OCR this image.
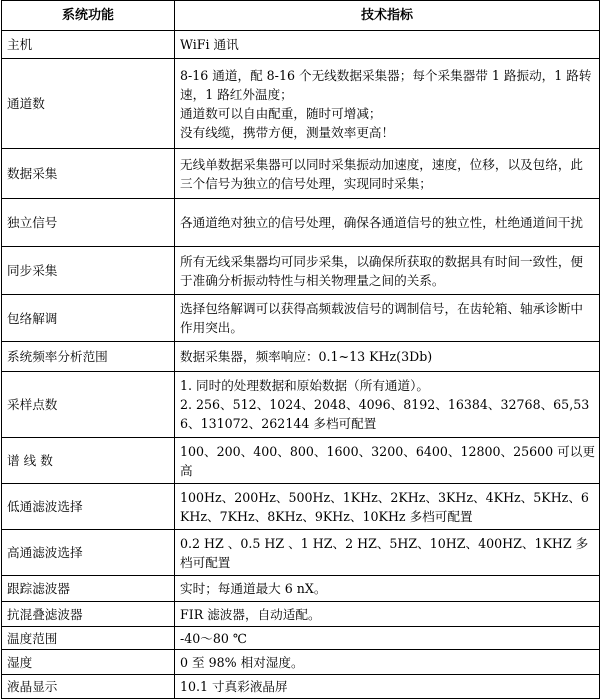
系统功能	技术指标
主机	WiFi 通讯

通道数	8-16 通道，配 8-16 个无线数据采集器；每个采集器带 1 路振动，1 路转速，1 路红外温度；
通道数可以自由配重，随时可增减；
没有线缆，携带方便，测量效率更高！

数据采集	无线单数据采集器可以同时采集振动加速度，速度，位移，以及包络，此三个信号为独立的信号处理，实现同时采集；

独立信号	各通道绝对独立的信号处理，确保各通道信号的独立性，杜绝通道间干扰

同步采集	所有无线采集器均可同步采集，以确保所获取的数据具有时间一致性，便于准确分析振动特性与相关物理量之间的关系。

包络解调	选择包络解调可以获得高频载波信号的调制信号，在齿轮箱、轴承诊断中作用突出。

系统频率分析范围	数据采集器，频率响应：0.1~13 KHz(3Db)

采样点数	1. 同时的处理数据和原始数据（所有通道）。
2. 256、512、1024、2048、4096、8192、16384、32768、65,536、131072、262144 多档可配置

谱 线 数	100、200、400、800、1600、3200、6400、12800、25600 可以更高

低通滤波选择	100Hz、200Hz、500Hz、1KHz、2KHz、3KHz、4KHz、5KHz、6KHz、7KHz、8KHz、9KHz、10KHz 多档可配置

高通滤波选择	0.2 HZ 、0.5 HZ 、1 HZ、2 HZ、5HZ、10HZ、400HZ、1KHZ 多档可配置

跟踪滤波器	实时；每通道最大 6 nX。

抗混叠滤波器	FIR 滤波器，自动适配。

温度范围	-40～80 ℃

湿度	0 至 98% 相对湿度。

液晶显示	10.1 寸真彩液晶屏
